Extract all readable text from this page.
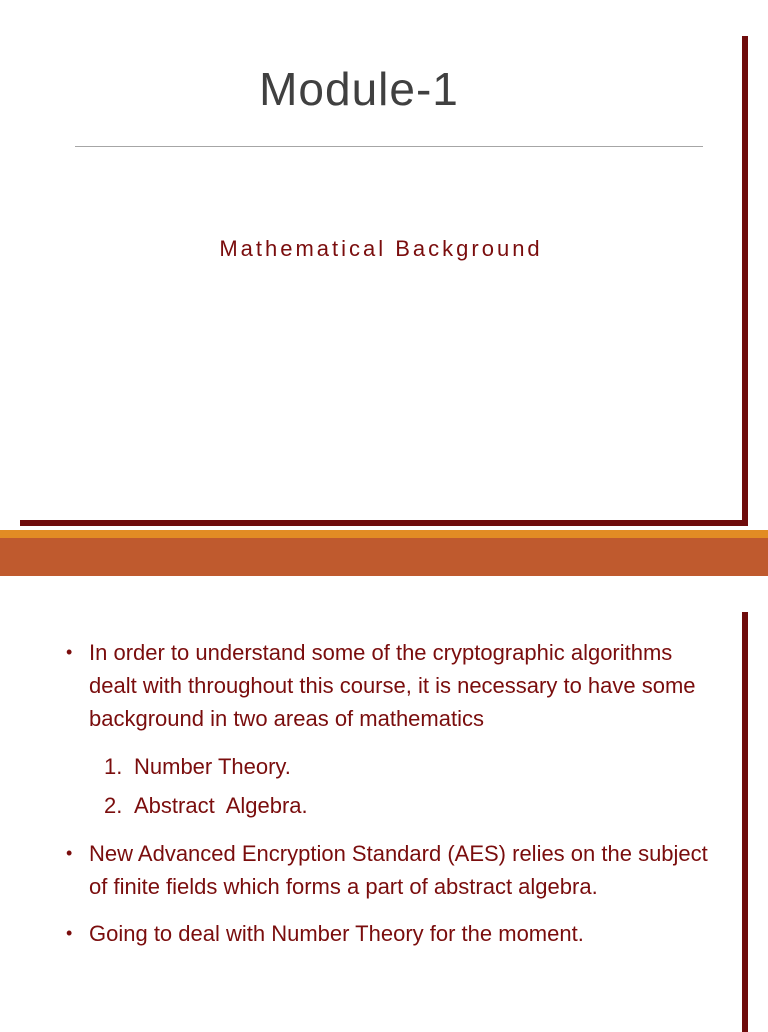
Module-1
Mathematical Background
• In order to understand some of the cryptographic algorithms dealt with throughout this course, it is necessary to have some background in two areas of mathematics
1. Number Theory.
2. Abstract  Algebra.
• New Advanced Encryption Standard (AES) relies on the subject of finite fields which forms a part of abstract algebra.
• Going to deal with Number Theory for the moment.
